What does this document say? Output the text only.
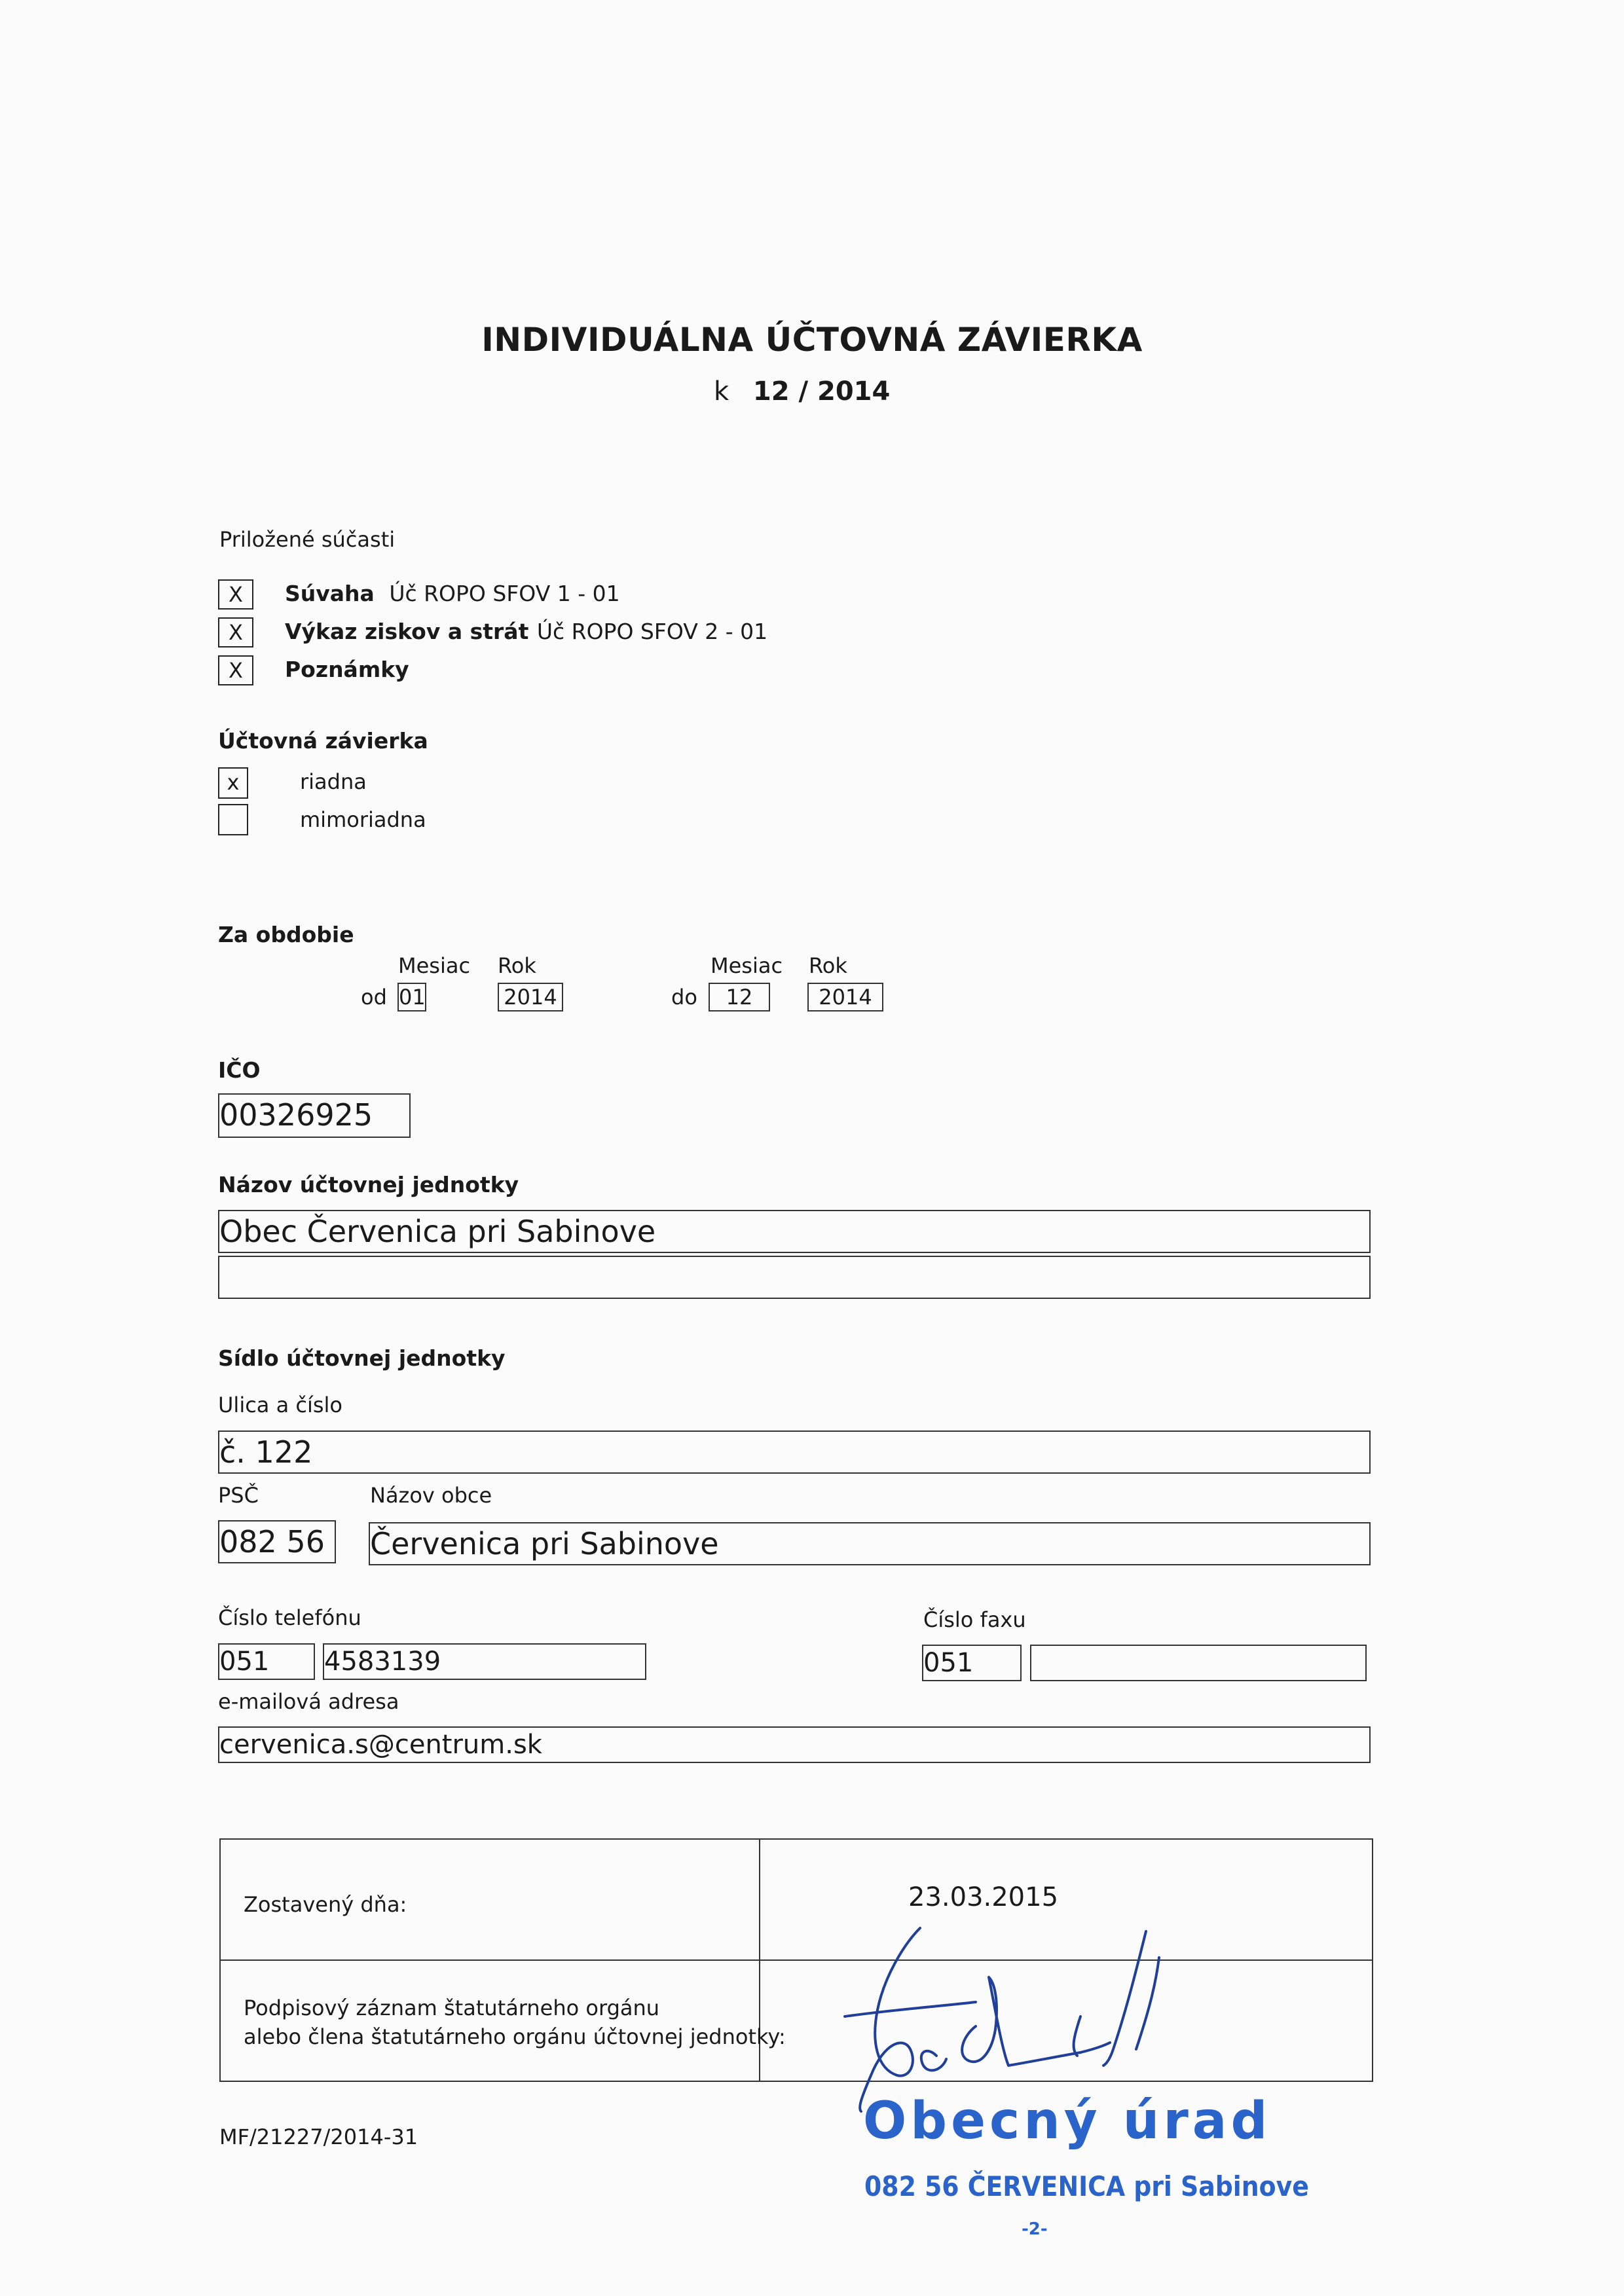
INDIVIDUÁLNA ÚČTOVNÁ ZÁVIERKA
k 12 / 2014
Priložené súčasti
X	Súvaha Úč ROPO SFOV 1 - 01
X	Výkaz ziskov a strát Úč ROPO SFOV 2 - 01
X	Poznámky
Účtovná závierka
x	riadna
mimoriadna
Za obdobie
Mesiac Rok	Mesiac Rok
od 01	2014	do	12	2014
IČO
00326925
Názov účtovnej jednotky
Obec Červenica pri Sabinove
Sídlo účtovnej jednotky
Ulica a číslo
č. 122
PSČ	Názov obce
082 56	Červenica pri Sabinove
Číslo telefónu	Číslo faxu
051	4583139	051
e-mailová adresa
cervenica.s@centrum.sk
Zostavený dňa:	23.03.2015
Podpisový záznam štatutárneho orgánu
alebo člena štatutárneho orgánu účtovnej jednotky:
MF/21227/2014-31	Obecný úrad
082 56 ČERVENICA pri Sabinove
-2-
